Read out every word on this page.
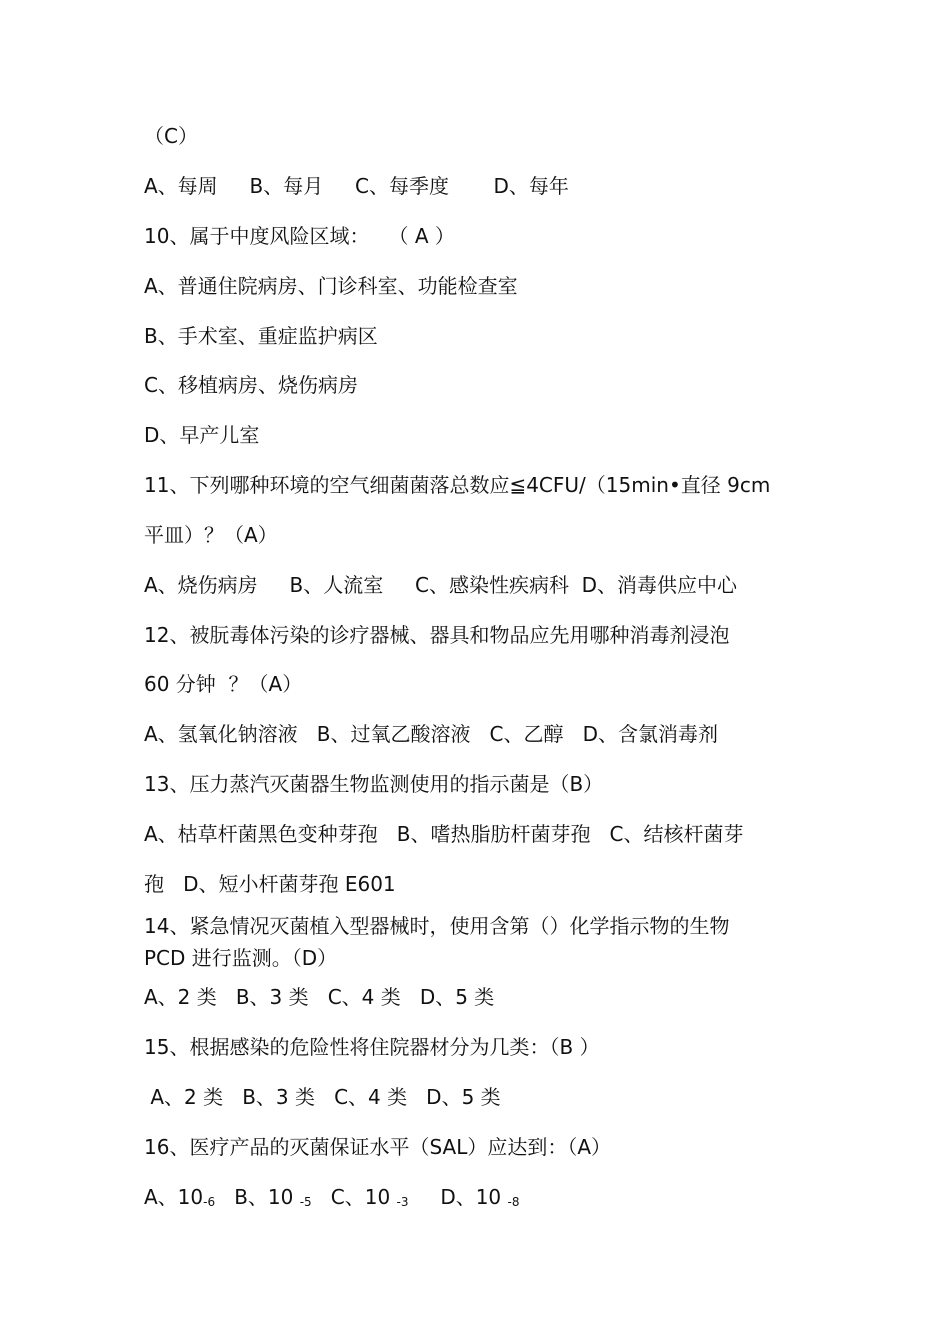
（C）
A、每周     B、每月     C、每季度       D、每年
10、属于中度风险区域：   （ A ）
A、普通住院病房、门诊科室、功能检查室
B、手术室、重症监护病区
C、移植病房、烧伤病房
D、早产儿室
11、下列哪种环境的空气细菌菌落总数应≦4CFU/（15min•直径 9cm
平皿）？（A）
A、烧伤病房     B、人流室     C、感染性疾病科  D、消毒供应中心
12、被朊毒体污染的诊疗器械、器具和物品应先用哪种消毒剂浸泡
60 分钟  ？（A）
A、氢氧化钠溶液   B、过氧乙酸溶液   C、乙醇   D、含氯消毒剂
13、压力蒸汽灭菌器生物监测使用的指示菌是（B）
A、枯草杆菌黑色变种芽孢   B、嗜热脂肪杆菌芽孢   C、结核杆菌芽
孢   D、短小杆菌芽孢 E601
14、紧急情况灭菌植入型器械时，使用含第（）化学指示物的生物
PCD 进行监测。（D）
A、2 类   B、3 类   C、4 类   D、5 类
15、根据感染的危险性将住院器材分为几类：（B ）
A、2 类   B、3 类   C、4 类   D、5 类
16、医疗产品的灭菌保证水平（SAL）应达到：（A）
A、10-6 B、10 -5 C、10 -3 D、10 -8
